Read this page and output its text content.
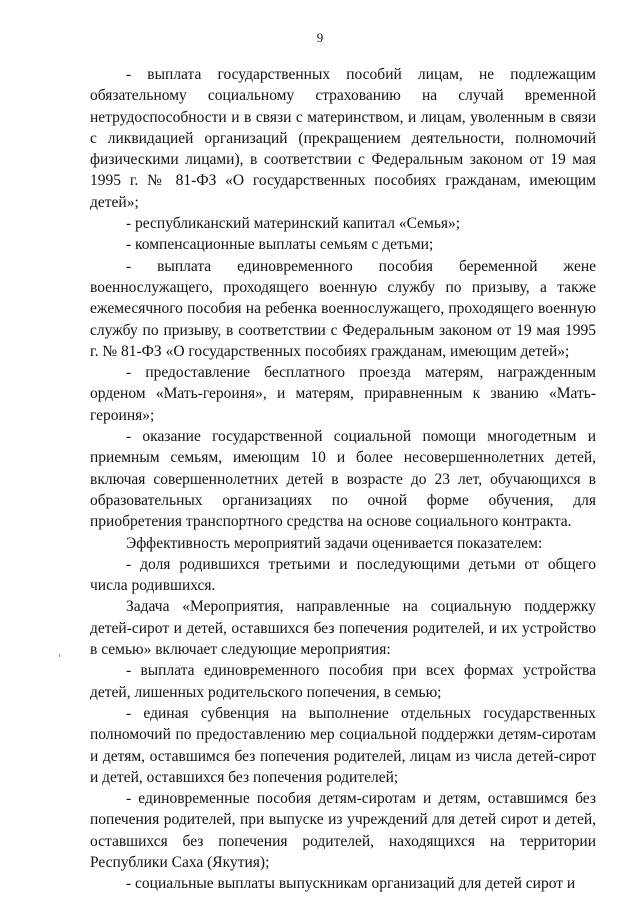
9

- выплата государственных пособий лицам, не подлежащим обязательному социальному страхованию на случай временной нетрудоспособности и в связи с материнством, и лицам, уволенным в связи с ликвидацией организаций (прекращением деятельности, полномочий физическими лицами), в соответствии с Федеральным законом от 19 мая 1995 г. № 81-ФЗ «О государственных пособиях гражданам, имеющим детей»;

- республиканский материнский капитал «Семья»;

- компенсационные выплаты семьям с детьми;

- выплата единовременного пособия беременной жене военнослужащего, проходящего военную службу по призыву, а также ежемесячного пособия на ребенка военнослужащего, проходящего военную службу по призыву, в соответствии с Федеральным законом от 19 мая 1995 г. № 81-ФЗ «О государственных пособиях гражданам, имеющим детей»;

- предоставление бесплатного проезда матерям, награжденным орденом «Мать-героиня», и матерям, приравненным к званию «Мать-героиня»;

- оказание государственной социальной помощи многодетным и приемным семьям, имеющим 10 и более несовершеннолетних детей, включая совершеннолетних детей в возрасте до 23 лет, обучающихся в образовательных организациях по очной форме обучения, для приобретения транспортного средства на основе социального контракта.

Эффективность мероприятий задачи оценивается показателем:

- доля родившихся третьими и последующими детьми от общего числа родившихся.

Задача «Мероприятия, направленные на социальную поддержку детей-сирот и детей, оставшихся без попечения родителей, и их устройство в семью» включает следующие мероприятия:

- выплата единовременного пособия при всех формах устройства детей, лишенных родительского попечения, в семью;

- единая субвенция на выполнение отдельных государственных полномочий по предоставлению мер социальной поддержки детям-сиротам и детям, оставшимся без попечения родителей, лицам из числа детей-сирот и детей, оставшихся без попечения родителей;

- единовременные пособия детям-сиротам и детям, оставшимся без попечения родителей, при выпуске из учреждений для детей сирот и детей, оставшихся без попечения родителей, находящихся на территории Республики Саха (Якутия);

- социальные выплаты выпускникам организаций для детей сирот и
